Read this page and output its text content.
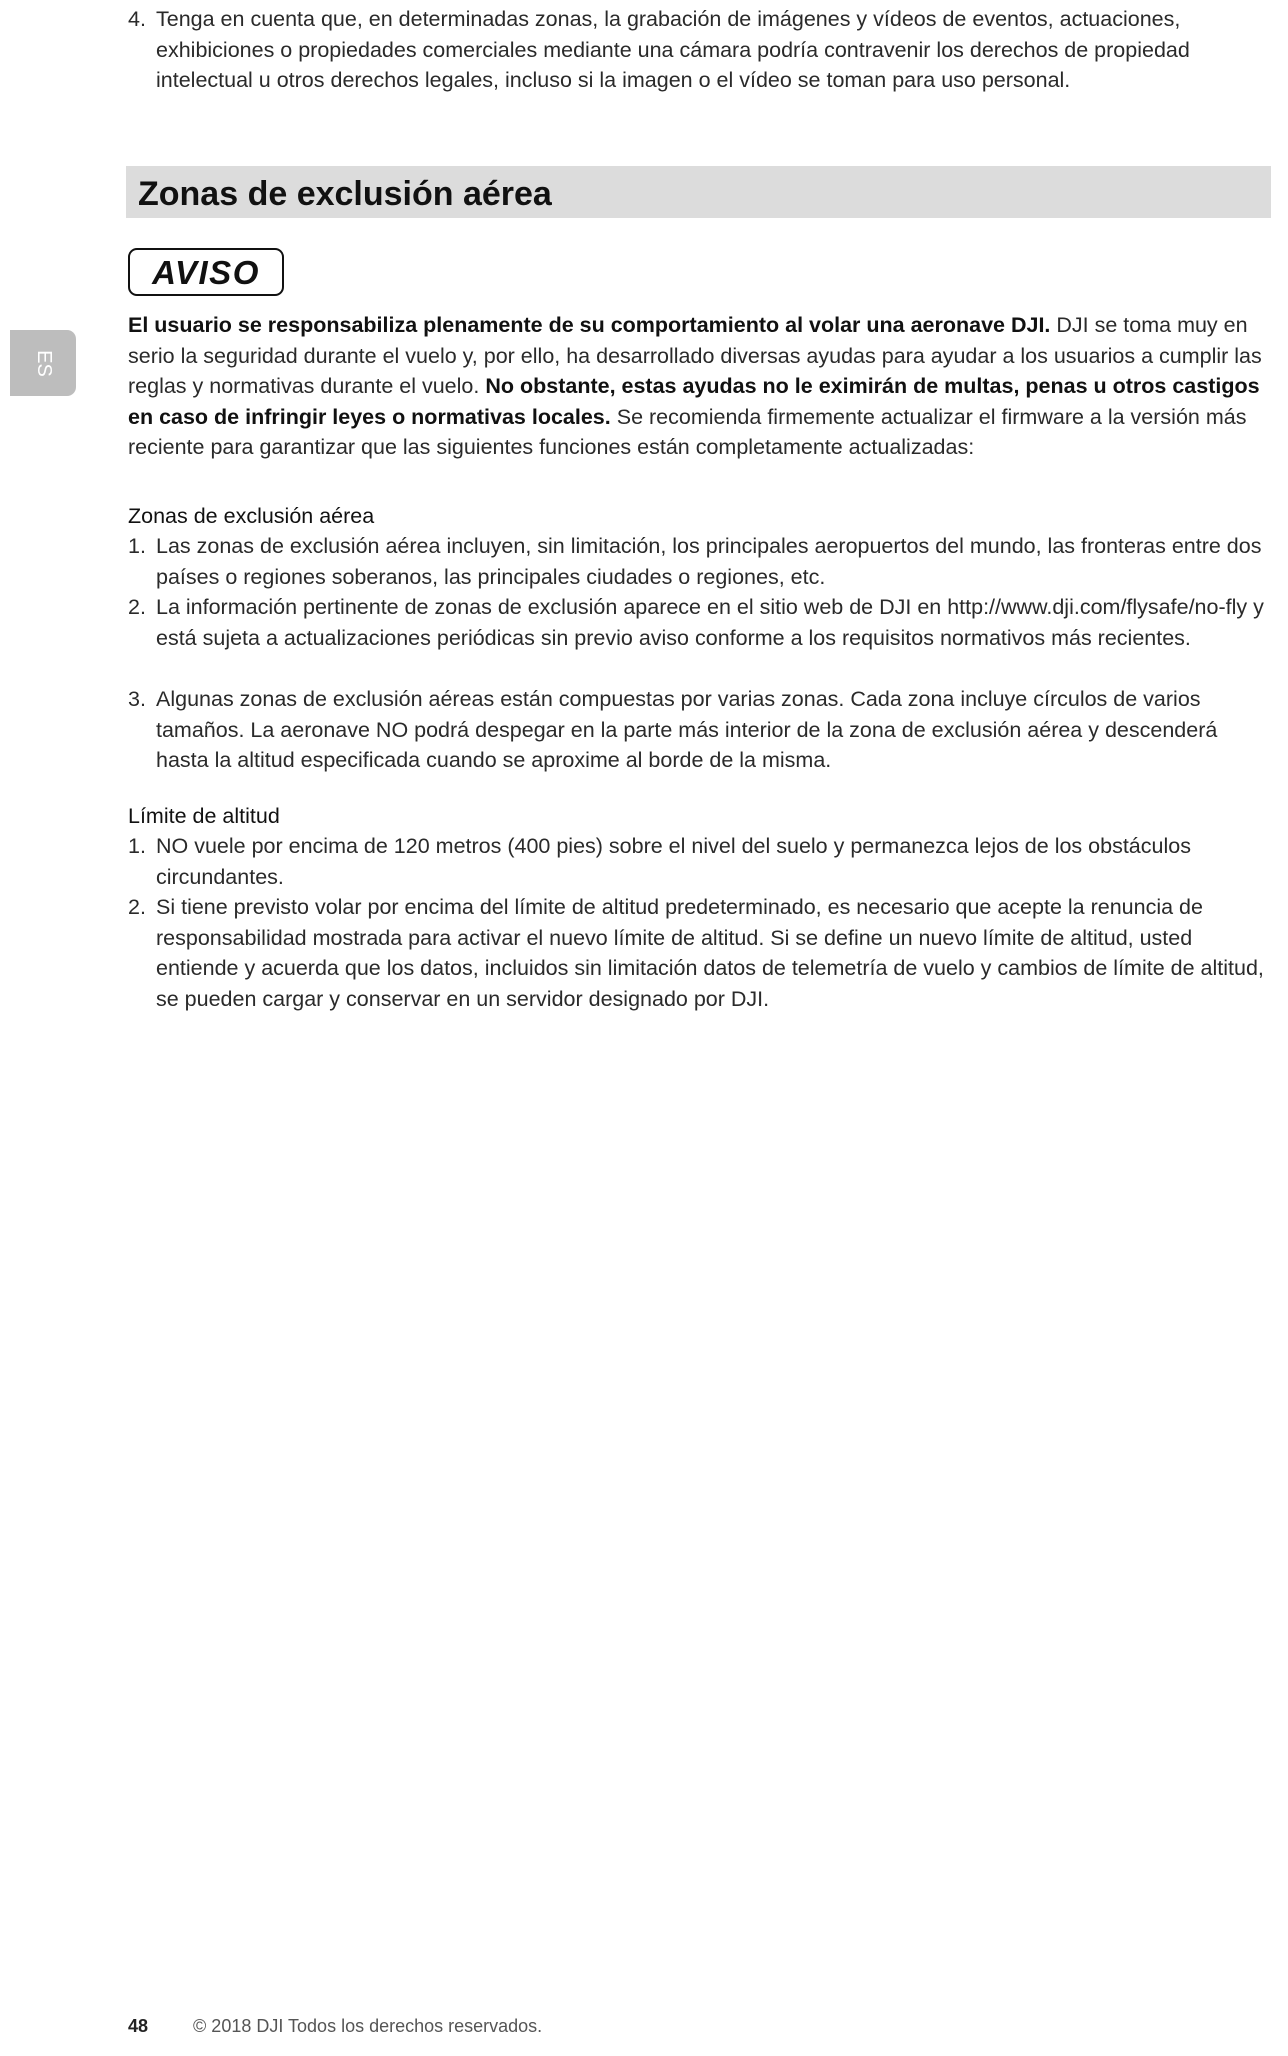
4. Tenga en cuenta que, en determinadas zonas, la grabación de imágenes y vídeos de eventos, actuaciones, exhibiciones o propiedades comerciales mediante una cámara podría contravenir los derechos de propiedad intelectual u otros derechos legales, incluso si la imagen o el vídeo se toman para uso personal.
Zonas de exclusión aérea
AVISO
ES
El usuario se responsabiliza plenamente de su comportamiento al volar una aeronave DJI. DJI se toma muy en serio la seguridad durante el vuelo y, por ello, ha desarrollado diversas ayudas para ayudar a los usuarios a cumplir las reglas y normativas durante el vuelo. No obstante, estas ayudas no le eximirán de multas, penas u otros castigos en caso de infringir leyes o normativas locales. Se recomienda firmemente actualizar el firmware a la versión más reciente para garantizar que las siguientes funciones están completamente actualizadas:
Zonas de exclusión aérea
1. Las zonas de exclusión aérea incluyen, sin limitación, los principales aeropuertos del mundo, las fronteras entre dos países o regiones soberanos, las principales ciudades o regiones, etc.
2. La información pertinente de zonas de exclusión aparece en el sitio web de DJI en http://www.dji.com/flysafe/no-fly y está sujeta a actualizaciones periódicas sin previo aviso conforme a los requisitos normativos más recientes.
3. Algunas zonas de exclusión aéreas están compuestas por varias zonas. Cada zona incluye círculos de varios tamaños. La aeronave NO podrá despegar en la parte más interior de la zona de exclusión aérea y descenderá hasta la altitud especificada cuando se aproxime al borde de la misma.
Límite de altitud
1. NO vuele por encima de 120 metros (400 pies) sobre el nivel del suelo y permanezca lejos de los obstáculos circundantes.
2. Si tiene previsto volar por encima del límite de altitud predeterminado, es necesario que acepte la renuncia de responsabilidad mostrada para activar el nuevo límite de altitud. Si se define un nuevo límite de altitud, usted entiende y acuerda que los datos, incluidos sin limitación datos de telemetría de vuelo y cambios de límite de altitud, se pueden cargar y conservar en un servidor designado por DJI.
48	© 2018 DJI Todos los derechos reservados.
